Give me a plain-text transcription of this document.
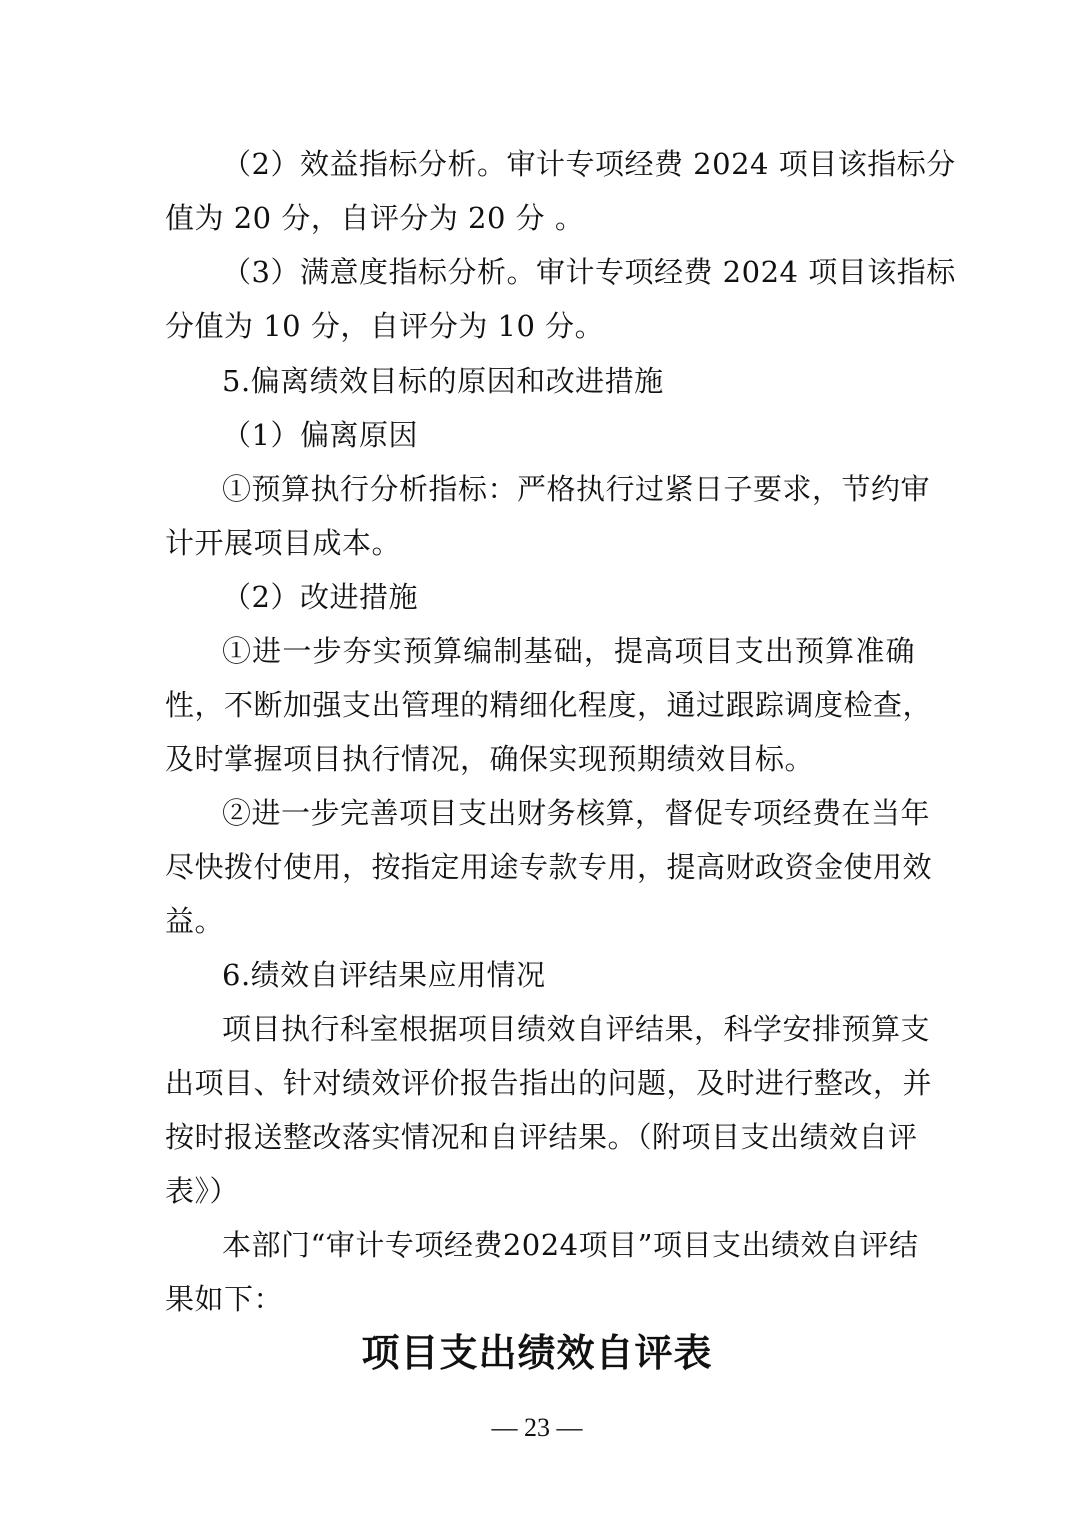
（2）效益指标分析。审计专项经费 2024 项目该指标分
值为 20 分，自评分为 20 分 。
（3）满意度指标分析。审计专项经费 2024 项目该指标
分值为 10 分，自评分为 10 分。
5.偏离绩效目标的原因和改进措施
（1）偏离原因
①预算执行分析指标：严格执行过紧日子要求，节约审
计开展项目成本。
（2）改进措施
①进一步夯实预算编制基础，提高项目支出预算准确
性，不断加强支出管理的精细化程度，通过跟踪调度检查，
及时掌握项目执行情况，确保实现预期绩效目标。
②进一步完善项目支出财务核算，督促专项经费在当年
尽快拨付使用，按指定用途专款专用，提高财政资金使用效
益。
6.绩效自评结果应用情况
项目执行科室根据项目绩效自评结果，科学安排预算支
出项目、针对绩效评价报告指出的问题，及时进行整改，并
按时报送整改落实情况和自评结果。（附项目支出绩效自评
表》）
本部门“审计专项经费2024项目”项目支出绩效自评结
果如下：
项目支出绩效自评表
— 23 —
